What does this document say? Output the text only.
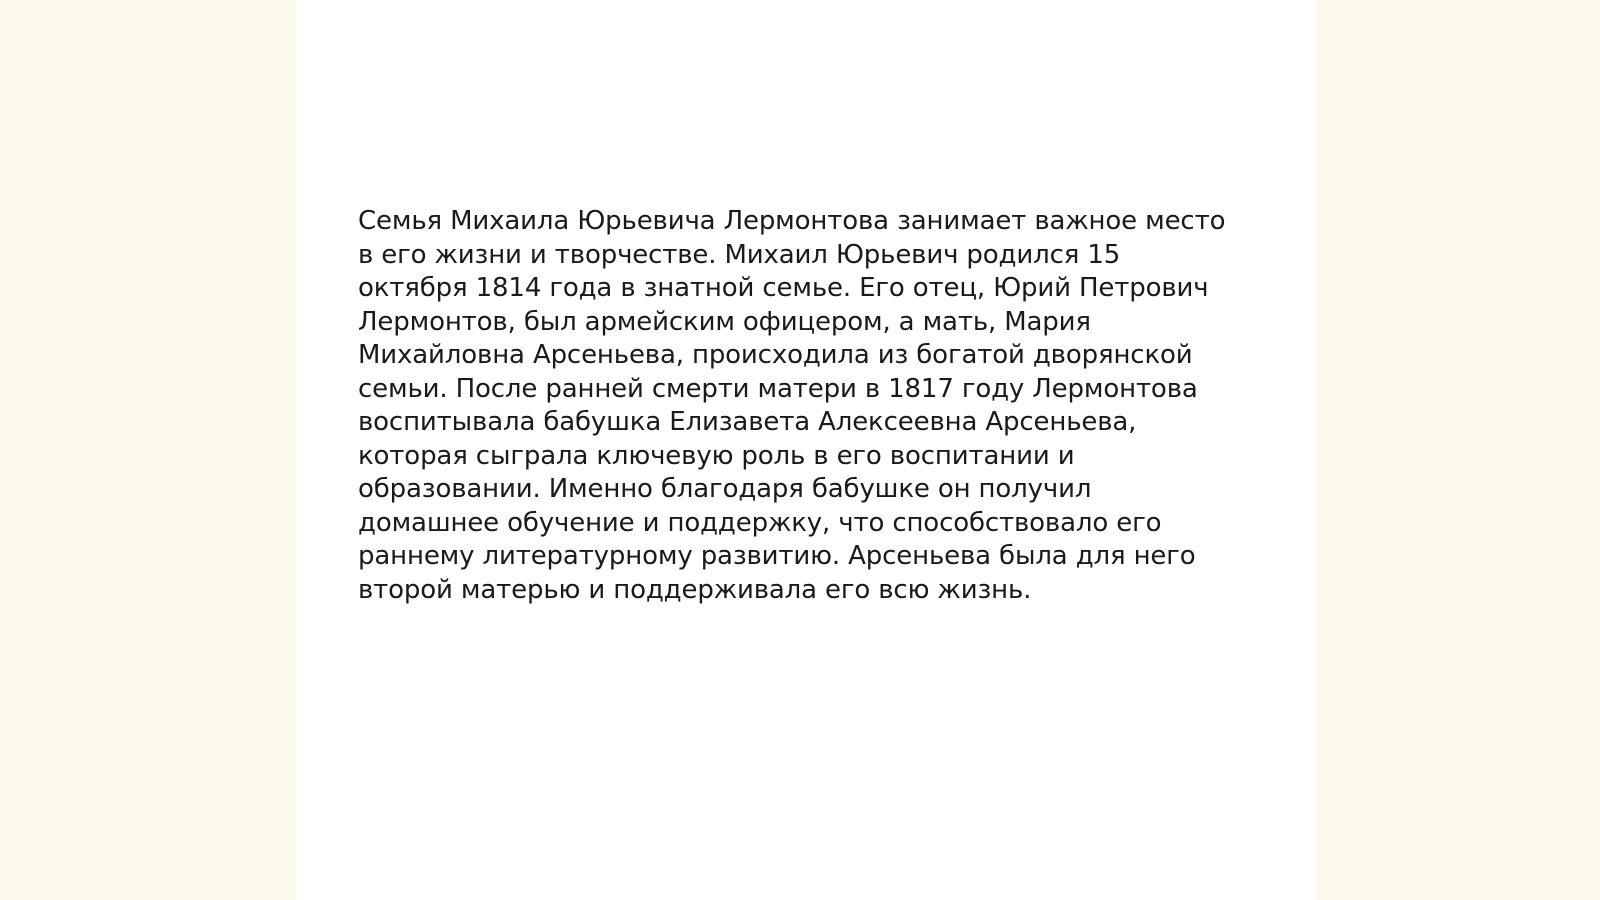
Семья Михаила Юрьевича Лермонтова занимает важное место
в его жизни и творчестве. Михаил Юрьевич родился 15
октября 1814 года в знатной семье. Его отец, Юрий Петрович
Лермонтов, был армейским офицером, а мать, Мария
Михайловна Арсеньева, происходила из богатой дворянской
семьи. После ранней смерти матери в 1817 году Лермонтова
воспитывала бабушка Елизавета Алексеевна Арсеньева,
которая сыграла ключевую роль в его воспитании и
образовании. Именно благодаря бабушке он получил
домашнее обучение и поддержку, что способствовало его
раннему литературному развитию. Арсеньева была для него
второй матерью и поддерживала его всю жизнь.
